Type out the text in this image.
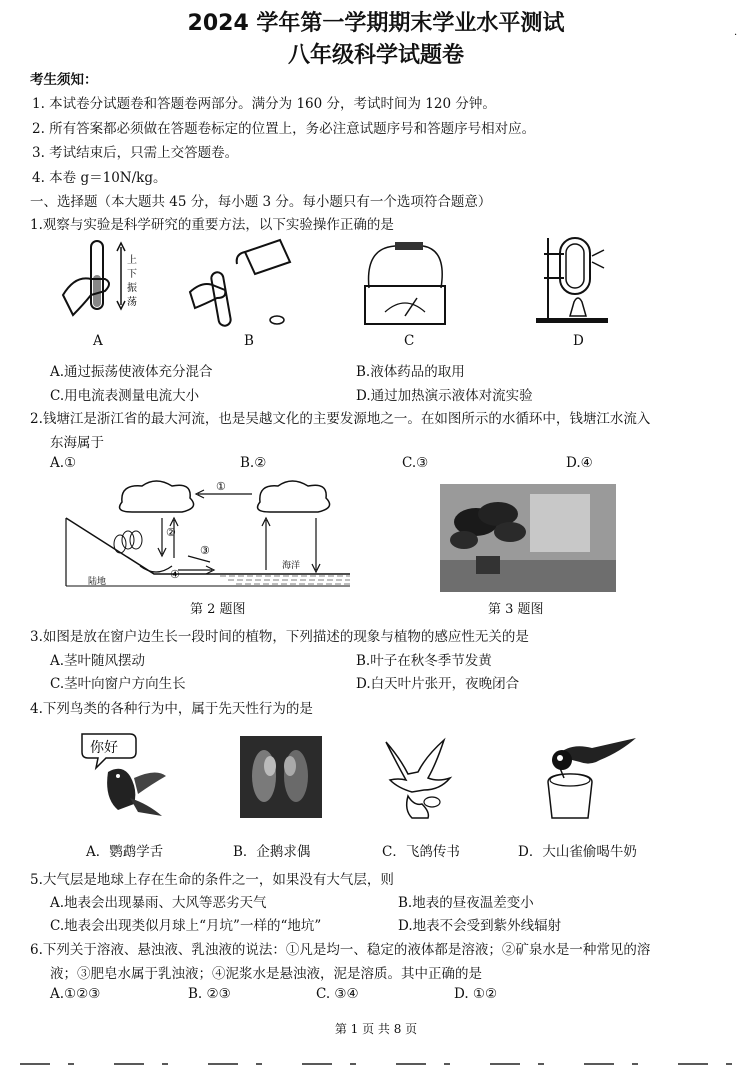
2024 学年第一学期期末学业水平测试
八年级科学试题卷
·
考生须知：
1. 本试卷分试题卷和答题卷两部分。满分为 160 分，考试时间为 120 分钟。
2. 所有答案都必须做在答题卷标定的位置上，务必注意试题序号和答题序号相对应。
3. 考试结束后，只需上交答题卷。
4. 本卷 g＝10N/kg。
一、选择题（本大题共 45 分，每小题 3 分。每小题只有一个选项符合题意）
1.观察与实验是科学研究的重要方法，以下实验操作正确的是
上
下
振
荡
A	B	C	D
A.通过振荡使液体充分混合	B.液体药品的取用
C.用电流表测量电流大小	D.通过加热演示液体对流实验
2.钱塘江是浙江省的最大河流，也是吴越文化的主要发源地之一。在如图所示的水循环中，钱塘江水流入
东海属于
A.①	B.②	C.③	D.④
①
②
③
④
陆地
海洋
第 2 题图	第 3 题图
3.如图是放在窗户边生长一段时间的植物，下列描述的现象与植物的感应性无关的是
A.茎叶随风摆动	B.叶子在秋冬季节发黄
C.茎叶向窗户方向生长	D.白天叶片张开，夜晚闭合
4.下列鸟类的各种行为中，属于先天性行为的是
你好
A．鹦鹉学舌	B．企鹅求偶	C．飞鸽传书	D．大山雀偷喝牛奶
5.大气层是地球上存在生命的条件之一，如果没有大气层，则
A.地表会出现暴雨、大风等恶劣天气	B.地表的昼夜温差变小
C.地表会出现类似月球上“月坑”一样的“地坑”	D.地表不会受到紫外线辐射
6.下列关于溶液、悬浊液、乳浊液的说法：①凡是均一、稳定的液体都是溶液；②矿泉水是一种常见的溶
液；③肥皂水属于乳浊液；④泥浆水是悬浊液，泥是溶质。其中正确的是
A.①②③	B. ②③	C. ③④	D. ①②
第 1 页 共 8 页
